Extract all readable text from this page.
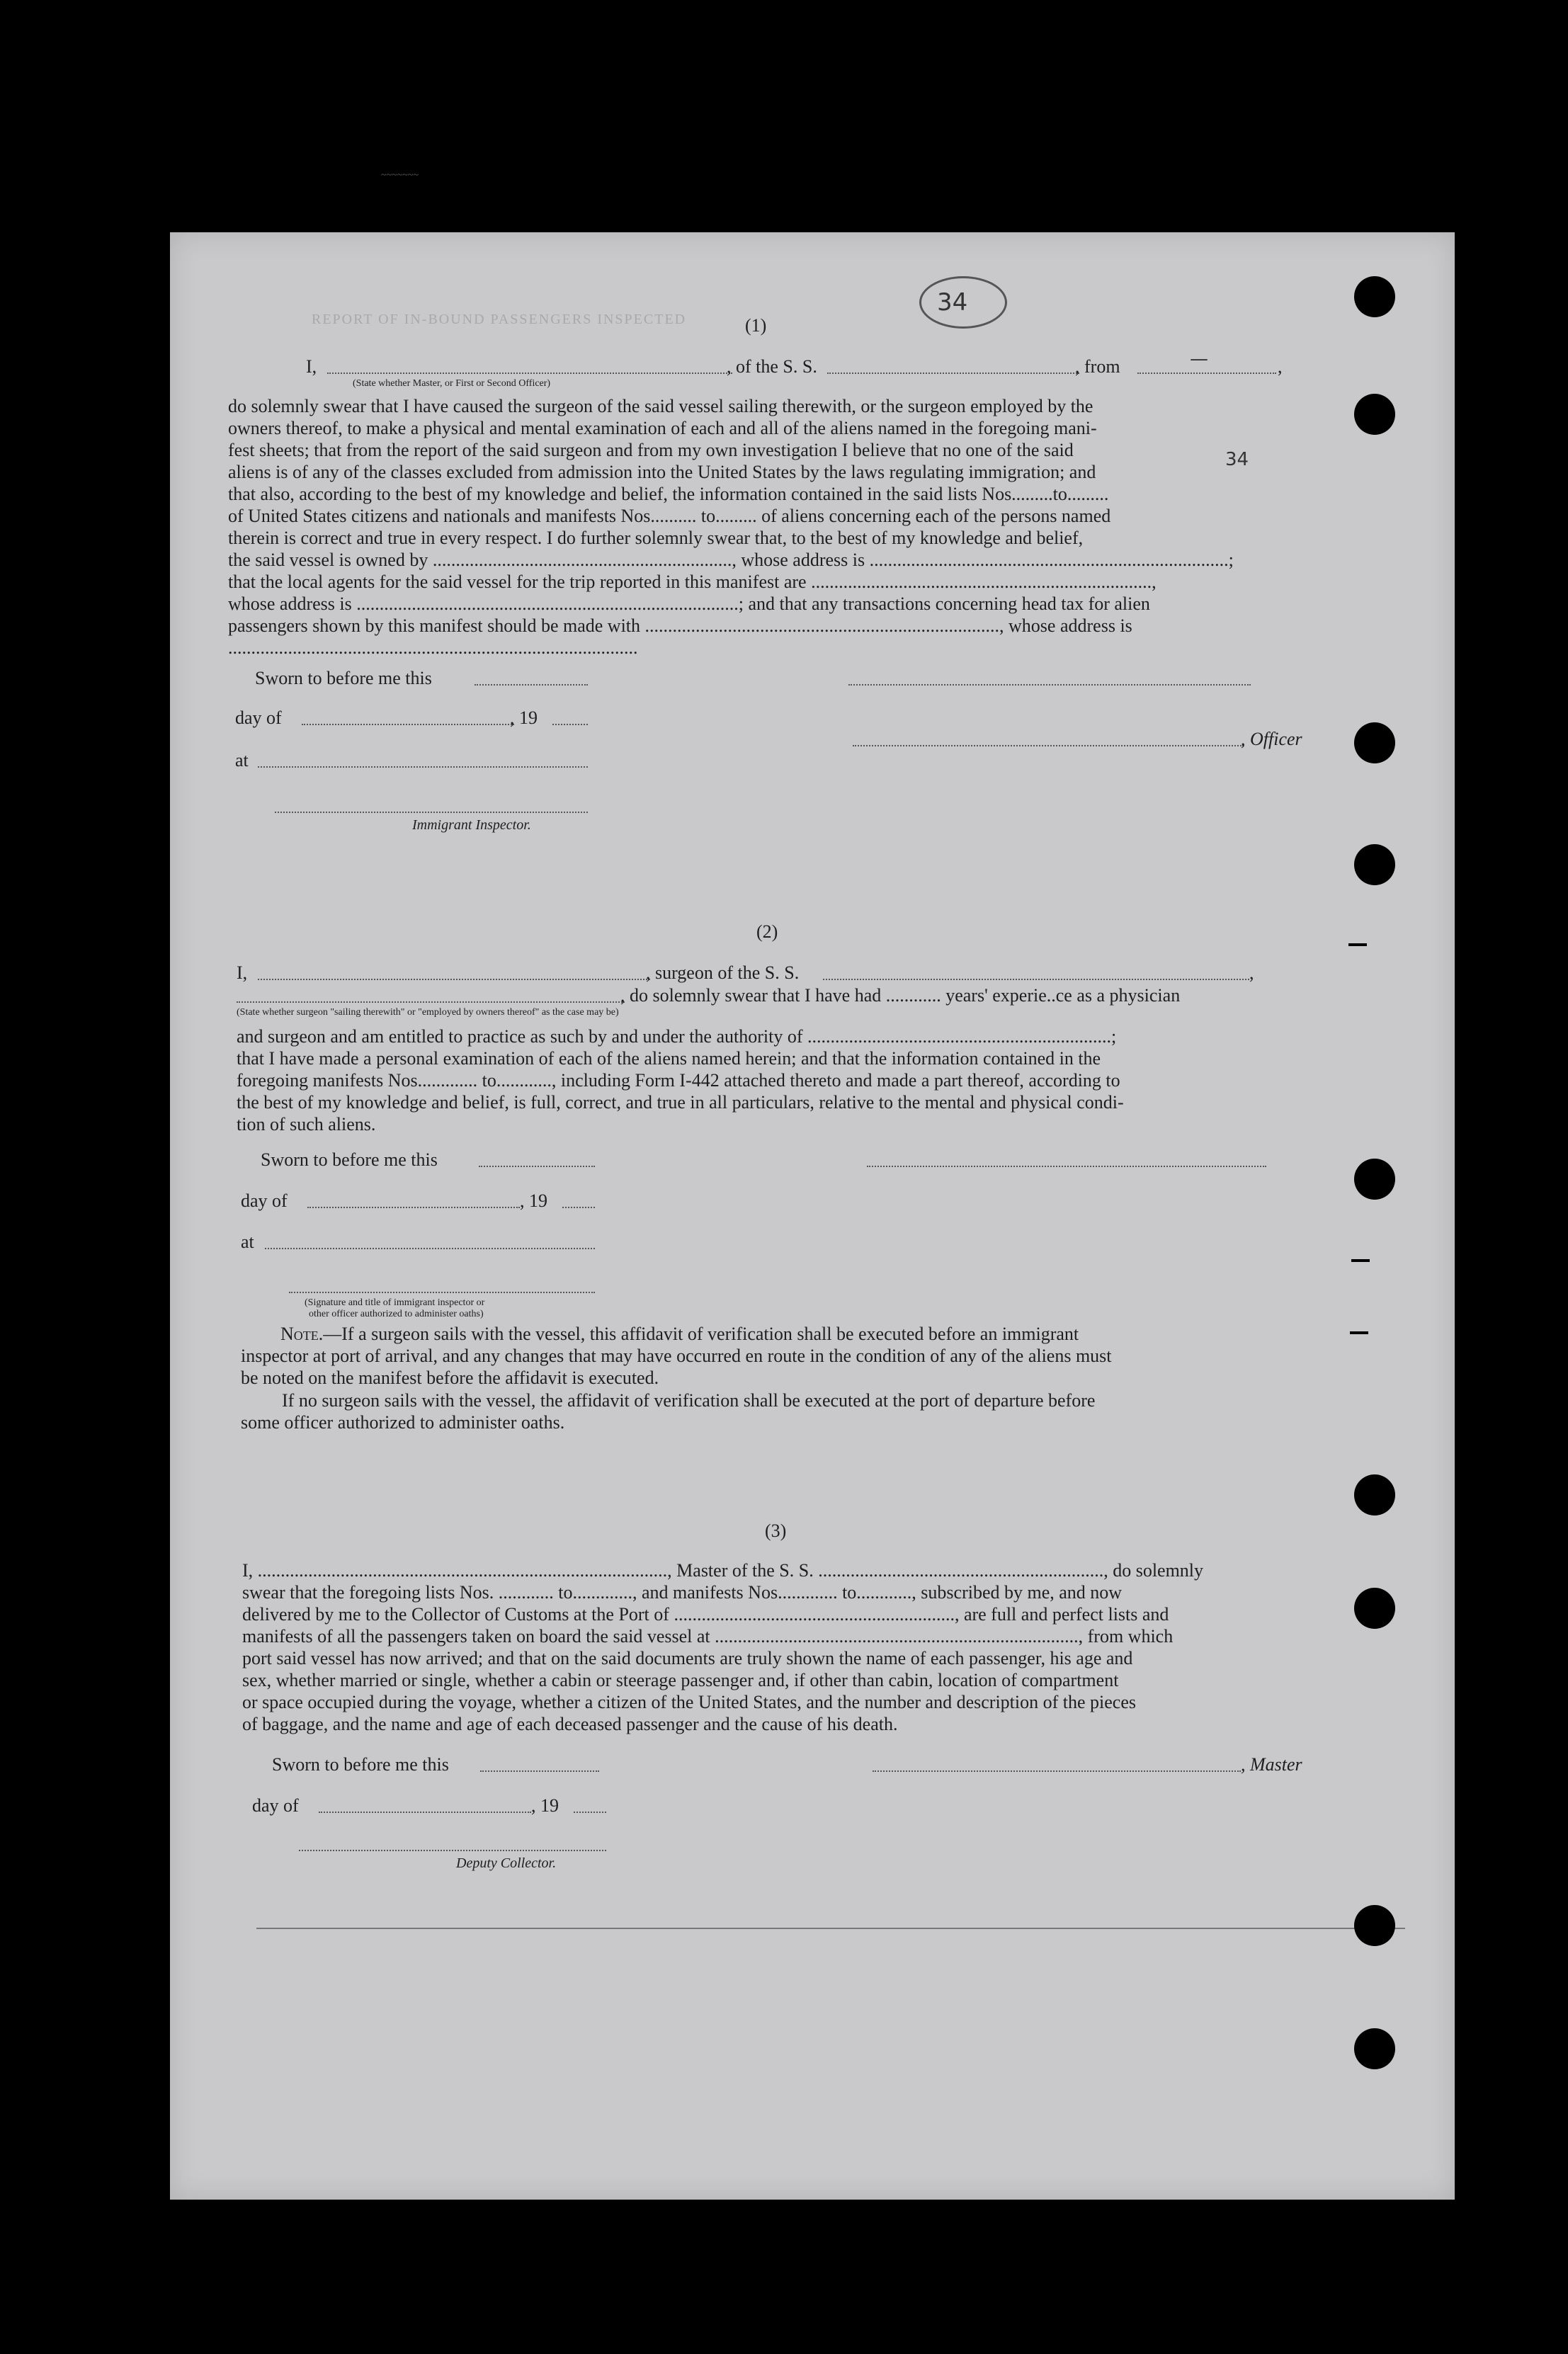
REPORT OF IN-BOUND PASSENGERS INSPECTED
34
(1)
I,	, of the S. S.	, from	—	,
(State whether Master, or First or Second Officer)
do solemnly swear that I have caused the surgeon of the said vessel sailing therewith, or the surgeon employed by the
owners thereof, to make a physical and mental examination of each and all of the aliens named in the foregoing mani-
fest sheets; that from the report of the said surgeon and from my own investigation I believe that no one of the said
aliens is of any of the classes excluded from admission into the United States by the laws regulating immigration; and
that also, according to the best of my knowledge and belief, the information contained in the said lists Nos.........to.........
of United States citizens and nationals and manifests Nos.......... to......... of aliens concerning each of the persons named
therein is correct and true in every respect. I do further solemnly swear that, to the best of my knowledge and belief,
the said vessel is owned by ................................................................., whose address is ..............................................................................;
that the local agents for the said vessel for the trip reported in this manifest are ..........................................................................,
whose address is ...................................................................................; and that any transactions concerning head tax for alien
passengers shown by this manifest should be made with ............................................................................., whose address is
.........................................................................................
34
Sworn to before me this
day of	, 19
, Officer
at
Immigrant Inspector.
(2)
I,	, surgeon of the S. S.	,
, do solemnly swear that I have had ............ years' experie..ce as a physician
(State whether surgeon "sailing therewith" or "employed by owners thereof" as the case may be)
and surgeon and am entitled to practice as such by and under the authority of ..................................................................;
that I have made a personal examination of each of the aliens named herein; and that the information contained in the
foregoing manifests Nos............. to............, including Form I-442 attached thereto and made a part thereof, according to
the best of my knowledge and belief, is full, correct, and true in all particulars, relative to the mental and physical condi-
tion of such aliens.
Sworn to before me this
day of	, 19
at
(Signature and title of immigrant inspector or
other officer authorized to administer oaths)
Note.—If a surgeon sails with the vessel, this affidavit of verification shall be executed before an immigrant
inspector at port of arrival, and any changes that may have occurred en route in the condition of any of the aliens must
be noted on the manifest before the affidavit is executed.
If no surgeon sails with the vessel, the affidavit of verification shall be executed at the port of departure before
some officer authorized to administer oaths.
(3)
I, ........................................................................................., Master of the S. S. .............................................................., do solemnly
swear that the foregoing lists Nos. ............ to............., and manifests Nos............. to............, subscribed by me, and now
delivered by me to the Collector of Customs at the Port of ............................................................., are full and perfect lists and
manifests of all the passengers taken on board the said vessel at ..............................................................................., from which
port said vessel has now arrived; and that on the said documents are truly shown the name of each passenger, his age and
sex, whether married or single, whether a cabin or steerage passenger and, if other than cabin, location of compartment
or space occupied during the voyage, whether a citizen of the United States, and the number and description of the pieces
of baggage, and the name and age of each deceased passenger and the cause of his death.
Sworn to before me this	, Master
day of	, 19
Deputy Collector.
~~~~~~~
